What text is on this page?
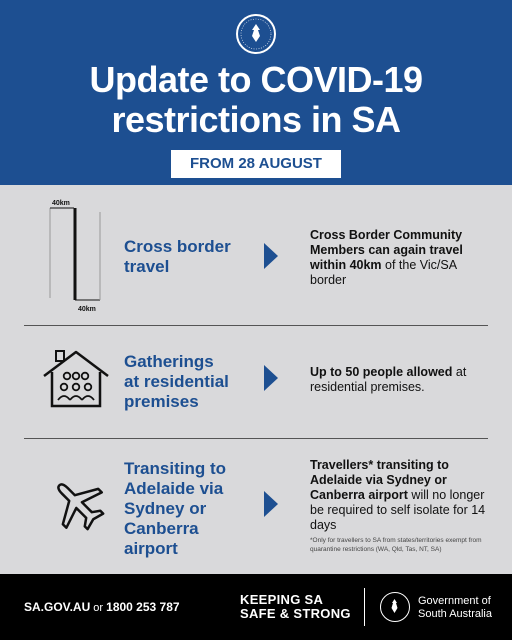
Update to COVID-19
restrictions in SA
FROM 28 AUGUST
40km
40km
Cross border
travel
Cross Border Community Members can again travel within 40km of the Vic/SA border
Gatherings
at residential
premises
Up to 50 people allowed at residential premises.
Transiting to
Adelaide via
Sydney or
Canberra
airport
Travellers* transiting to Adelaide via Sydney or Canberra airport will no longer be required to self isolate for 14 days
*Only for travellers to SA from states/territories exempt from quarantine restrictions (WA, Qld, Tas, NT, SA)
SA.GOV.AU or 1800 253 787	KEEPING SA
SAFE & STRONG
Government of
South Australia
